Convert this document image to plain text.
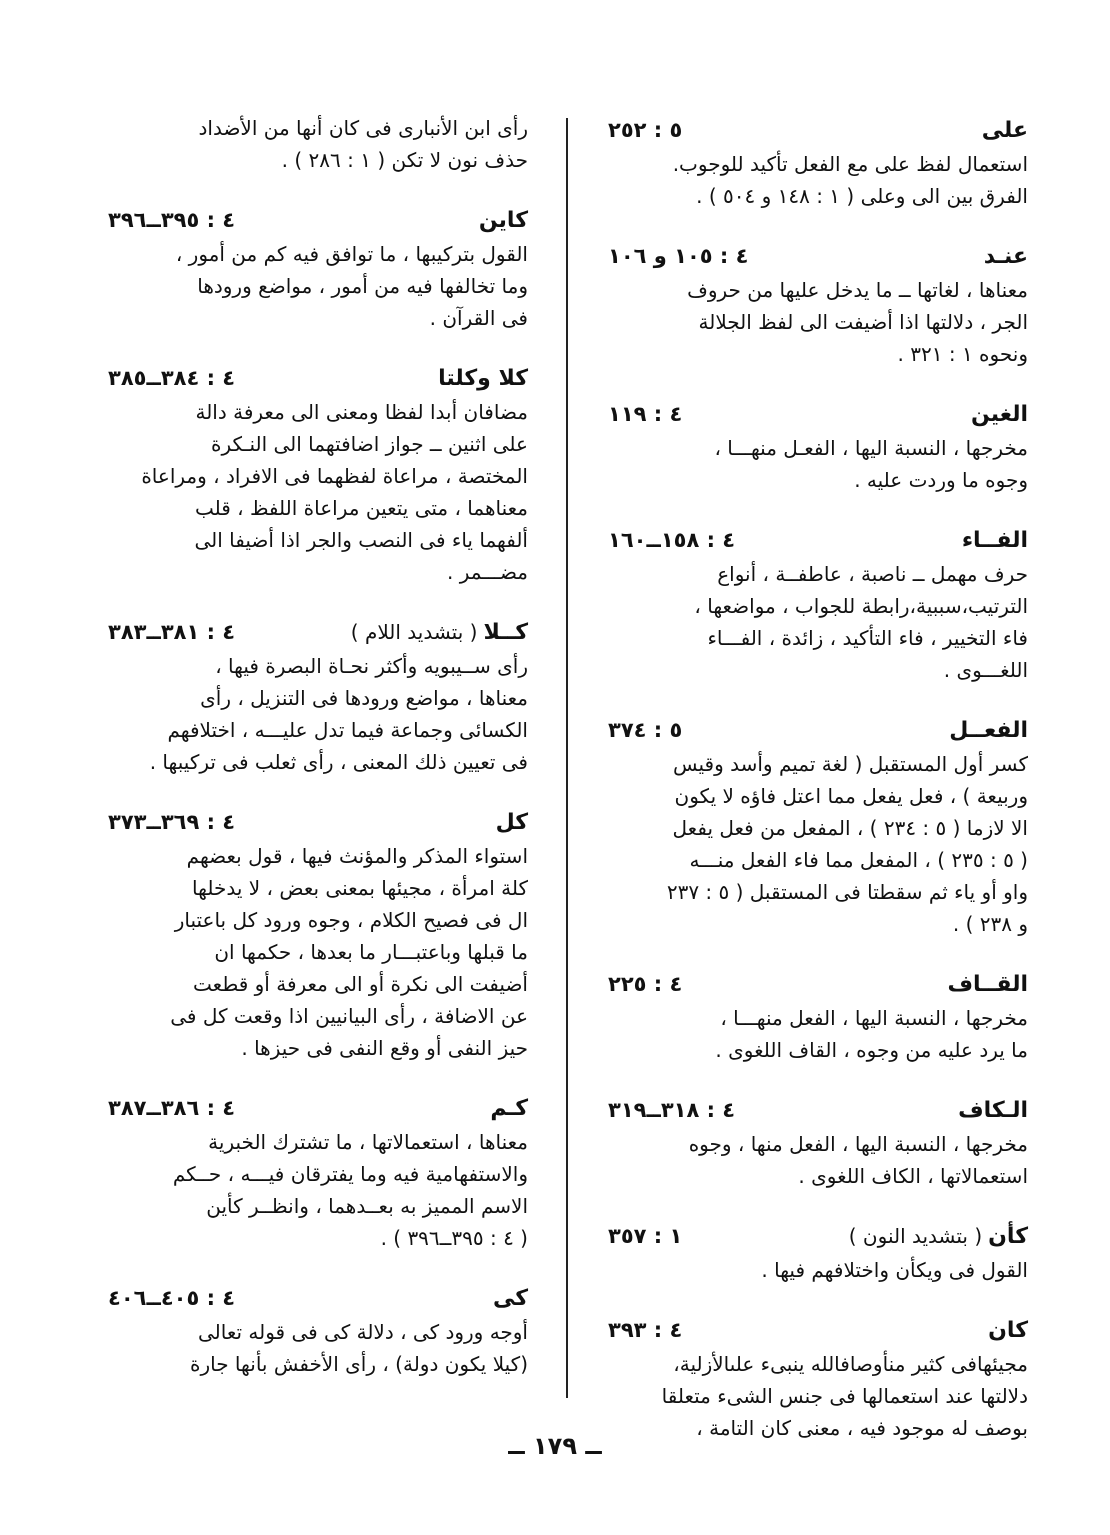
على
٥ : ٢٥٢
استعمال لفظ على مع الفعل تأكيد للوجوب.
الفرق بين الى وعلى ( ١ : ١٤٨ و ٥٠٤ ) .
عنـد
٤ : ١٠٥ و ١٠٦
معناها ، لغاتها ــ ما يدخل عليها من حروف
الجر ، دلالتها اذا أضيفت الى لفظ الجلالة
ونحوه ١ : ٣٢١ .
الغين
٤ : ١١٩
مخرجها ، النسبة اليها ، الفعـل منهـــا ،
وجوه ما وردت عليه .
الفــاء
٤ : ١٥٨ــ١٦٠
حرف مهمل ــ ناصبة ، عاطفــة ، أنواع
الترتيب،سببية،رابطة للجواب ، مواضعها ،
فاء التخيير ، فاء التأكيد ، زائدة ، الفـــاء
اللغـــوى .
الفعــل
٥ : ٣٧٤
كسر أول المستقبل ( لغة تميم وأسد وقيس
وربيعة ) ، فعل يفعل مما اعتل فاؤه لا يكون
الا لازما ( ٥ : ٢٣٤ ) ، المفعل من فعل يفعل
( ٥ : ٢٣٥ ) ، المفعل مما فاء الفعل منـــه
واو أو ياء ثم سقطتا فى المستقبل ( ٥ : ٢٣٧
و ٢٣٨ ) .
القــاف
٤ : ٢٢٥
مخرجها ، النسبة اليها ، الفعل منهـــا ،
ما يرد عليه من وجوه ، القاف اللغوى .
الـكاف
٤ : ٣١٨ــ٣١٩
مخرجها ، النسبة اليها ، الفعل منها ، وجوه
استعمالاتها ، الكاف اللغوى .
كأن( بتشديد النون )
١ : ٣٥٧
القول فى ويكأن واختلافهم فيها .
كان
٤ : ٣٩٣
مجيئهافى كثير منأوصافالله ينبىء علىالأزلية،
دلالتها عند استعمالها فى جنس الشىء متعلقا
بوصف له موجود فيه ، معنى كان التامة ،
رأى ابن الأنبارى فى كان أنها من الأضداد
حذف نون لا تكن ( ١ : ٢٨٦ ) .
كاين
٤ : ٣٩٥ــ٣٩٦
القول بتركيبها ، ما توافق فيه كم من أمور ،
وما تخالفها فيه من أمور ، مواضع ورودها
فى القرآن .
كلا وكلتا
٤ : ٣٨٤ــ٣٨٥
مضافان أبدا لفظا ومعنى الى معرفة دالة
على اثنين ــ جواز اضافتهما الى النـكرة
المختصة ، مراعاة لفظهما فى الافراد ، ومراعاة
معناهما ، متى يتعين مراعاة اللفظ ، قلب
ألفهما ياء فى النصب والجر اذا أضيفا الى
مضـــمر .
كــلا( بتشديد اللام )
٤ : ٣٨١ــ٣٨٣
رأى ســيبويه وأكثر نحـاة البصرة فيها ،
معناها ، مواضع ورودها فى التنزيل ، رأى
الكسائى وجماعة فيما تدل عليـــه ، اختلافهم
فى تعيين ذلك المعنى ، رأى ثعلب فى تركيبها .
كل
٤ : ٣٦٩ــ٣٧٣
استواء المذكر والمؤنث فيها ، قول بعضهم
كلة امرأة ، مجيئها بمعنى بعض ، لا يدخلها
ال فى فصيح الكلام ، وجوه ورود كل باعتبار
ما قبلها وباعتبـــار ما بعدها ، حكمها ان
أضيفت الى نكرة أو الى معرفة أو قطعت
عن الاضافة ، رأى البيانيين اذا وقعت كل فى
حيز النفى أو وقع النفى فى حيزها .
كـم
٤ : ٣٨٦ــ٣٨٧
معناها ، استعمالاتها ، ما تشترك الخبرية
والاستفهامية فيه وما يفترقان فيـــه ، حــكم
الاسم المميز به بعــدهما ، وانظــر كأين
( ٤ : ٣٩٥ــ٣٩٦ ) .
كى
٤ : ٤٠٥ــ٤٠٦
أوجه ورود كى ، دلالة كى فى قوله تعالى
(كيلا يكون دولة) ، رأى الأخفش بأنها جارة
ــ ١٧٩ ــ
